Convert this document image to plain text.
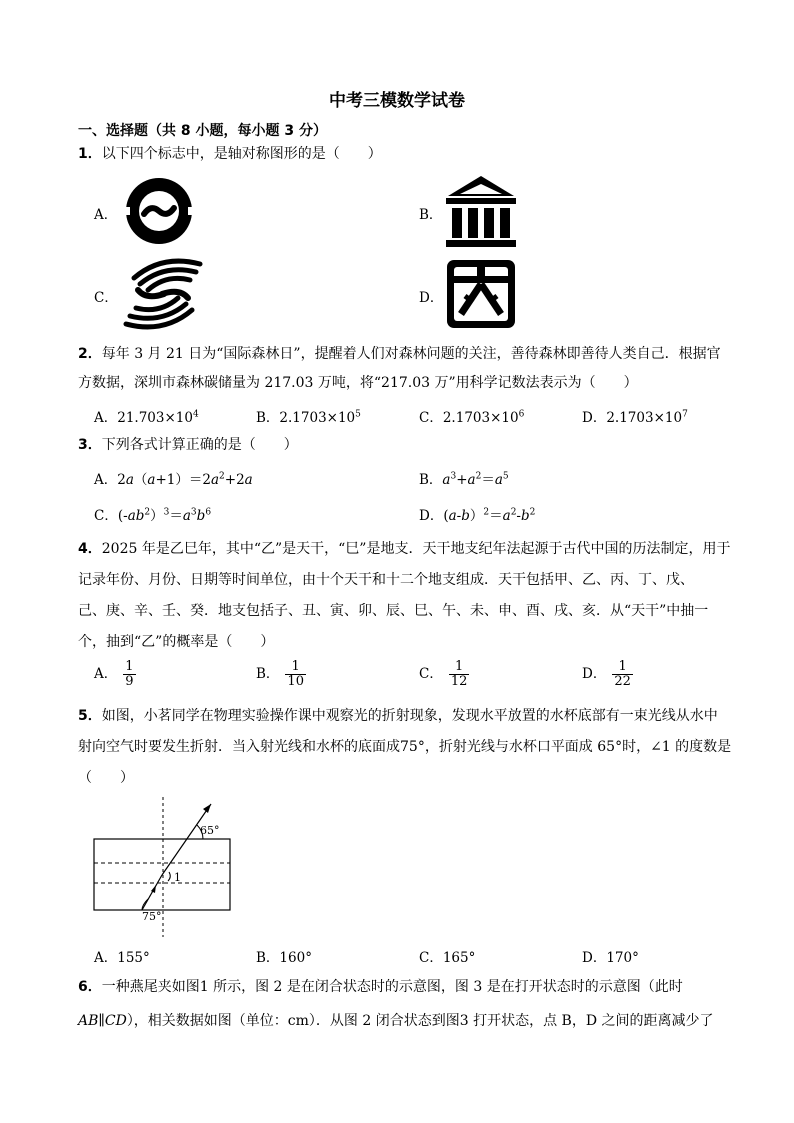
中考三模数学试卷
一、选择题（共 8 小题，每小题 3 分）
1．以下四个标志中，是轴对称图形的是（　　）
A．	B．
C．	D．
2．每年 3 月 21 日为“国际森林日”，提醒着人们对森林问题的关注，善待森林即善待人类自己．根据官
方数据，深圳市森林碳储量为 217.03 万吨，将“217.03 万”用科学记数法表示为（　　）
A．$21.703\times 10^4$	B．$2.1703\times 10^5$	C．$2.1703\times 10^6$	D．$2.1703\times 10^7$
3．下列各式计算正确的是（　　）
A．$2a(a+1)=2a^2+2a$	B．$a^3+a^2=a^5$
C．$(-ab^2)^3=a^3b^6$	D．$(a-b)^2=a^2-b^2$
4．2025 年是乙巳年，其中“乙”是天干，“巳”是地支．天干地支纪年法起源于古代中国的历法制定，用于
记录年份、月份、日期等时间单位，由十个天干和十二个地支组成．天干包括甲、乙、丙、丁、戊、
己、庚、辛、壬、癸．地支包括子、丑、寅、卯、辰、巳、午、未、申、酉、戌、亥．从“天干”中抽一
个，抽到“乙”的概率是（　　）
A． $\frac{1}{9}$	B． $\frac{1}{10}$	C． $\frac{1}{12}$	D． $\frac{1}{22}$
5．如图，小茗同学在物理实验操作课中观察光的折射现象，发现水平放置的水杯底部有一束光线从水中
射向空气时要发生折射．当入射光线和水杯的底面成75°，折射光线与水杯口平面成 65°时，∠1 的度数是
（　　）
65°
75°
1
A．155°	B．160°	C．165°	D．170°
6．一种燕尾夹如图1 所示，图 2 是在闭合状态时的示意图，图 3 是在打开状态时的示意图（此时
AB∥CD），相关数据如图（单位：cm）．从图 2 闭合状态到图3 打开状态，点 B，D 之间的距离减少了
